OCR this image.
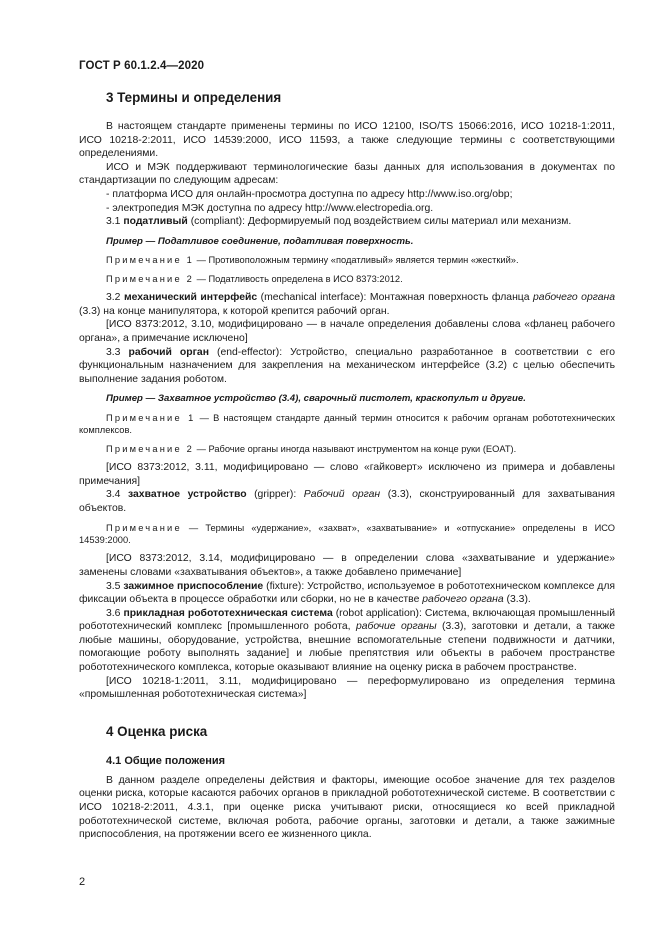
ГОСТ Р 60.1.2.4—2020
3 Термины и определения

В настоящем стандарте применены термины по ИСО 12100, ISO/TS 15066:2016, ИСО 10218-1:2011, ИСО 10218-2:2011, ИСО 14539:2000, ИСО 11593, а также следующие термины с соответствующими определениями.

ИСО и МЭК поддерживают терминологические базы данных для использования в документах по стандартизации по следующим адресам:

- платформа ИСО для онлайн-просмотра доступна по адресу http://www.iso.org/obp;

- электропедия МЭК доступна по адресу http://www.electropedia.org.

3.1 податливый (compliant): Деформируемый под воздействием силы материал или механизм.

Пример — Податливое соединение, податливая поверхность.

Примечание 1 — Противоположным термину «податливый» является термин «жесткий».

Примечание 2 — Податливость определена в ИСО 8373:2012.

3.2 механический интерфейс (mechanical interface): Монтажная поверхность фланца рабочего органа (3.3) на конце манипулятора, к которой крепится рабочий орган.

[ИСО 8373:2012, 3.10, модифицировано — в начале определения добавлены слова «фланец рабочего органа», а примечание исключено]

3.3 рабочий орган (end-effector): Устройство, специально разработанное в соответствии с его функциональным назначением для закрепления на механическом интерфейсе (3.2) с целью обеспечить выполнение задания роботом.

Пример — Захватное устройство (3.4), сварочный пистолет, краскопульт и другие.

Примечание 1 — В настоящем стандарте данный термин относится к рабочим органам робототехнических комплексов.

Примечание 2 — Рабочие органы иногда называют инструментом на конце руки (EOAT).

[ИСО 8373:2012, 3.11, модифицировано — слово «гайковерт» исключено из примера и добавлены примечания]

3.4 захватное устройство (gripper): Рабочий орган (3.3), сконструированный для захватывания объектов.

Примечание — Термины «удержание», «захват», «захватывание» и «отпускание» определены в ИСО 14539:2000.

[ИСО 8373:2012, 3.14, модифицировано — в определении слова «захватывание и удержание» заменены словами «захватывания объектов», а также добавлено примечание]

3.5 зажимное приспособление (fixture): Устройство, используемое в робототехническом комплексе для фиксации объекта в процессе обработки или сборки, но не в качестве рабочего органа (3.3).

3.6 прикладная робототехническая система (robot application): Система, включающая промышленный робототехнический комплекс [промышленного робота, рабочие органы (3.3), заготовки и детали, а также любые машины, оборудование, устройства, внешние вспомогательные степени подвижности и датчики, помогающие роботу выполнять задание] и любые препятствия или объекты в рабочем пространстве робототехнического комплекса, которые оказывают влияние на оценку риска в рабочем пространстве.

[ИСО 10218-1:2011, 3.11, модифицировано — переформулировано из определения термина «промышленная робототехническая система»]

4 Оценка риска
4.1 Общие положения

В данном разделе определены действия и факторы, имеющие особое значение для тех разделов оценки риска, которые касаются рабочих органов в прикладной робототехнической системе. В соответствии с ИСО 10218-2:2011, 4.3.1, при оценке риска учитывают риски, относящиеся ко всей прикладной робототехнической системе, включая робота, рабочие органы, заготовки и детали, а также зажимные приспособления, на протяжении всего ее жизненного цикла.

2
